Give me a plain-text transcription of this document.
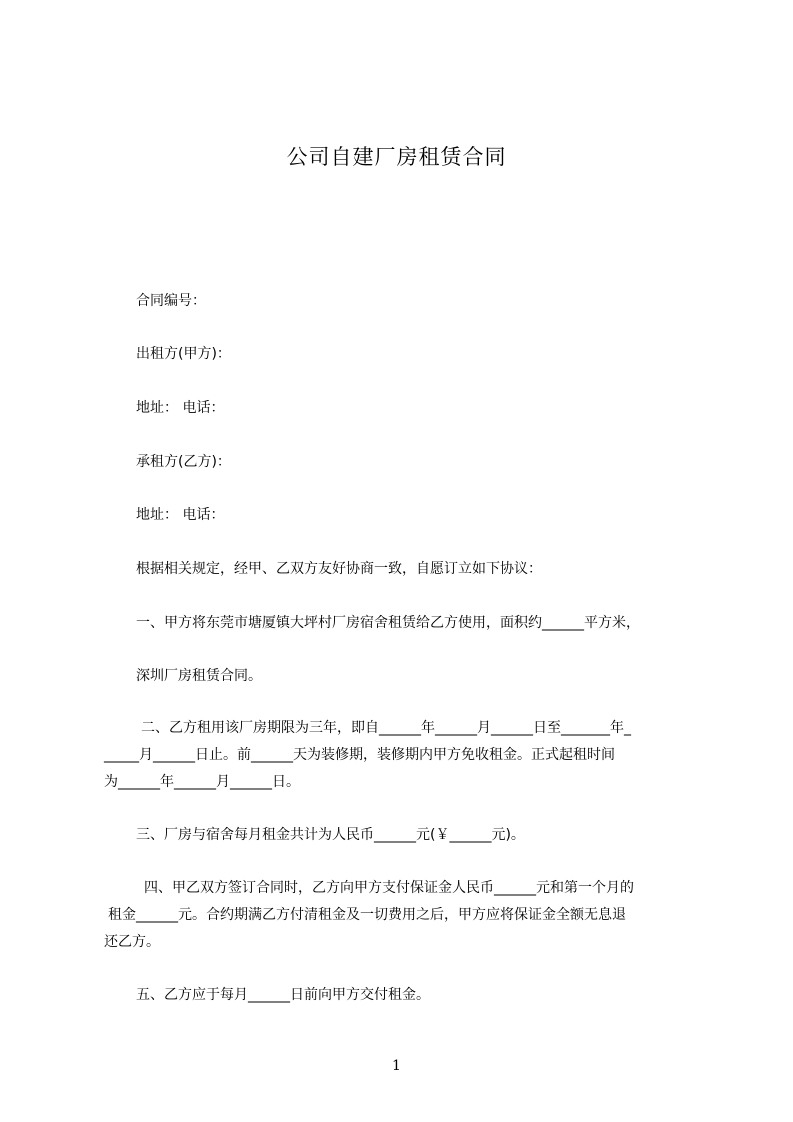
公司自建厂房租赁合同
合同编号：
出租方(甲方)：
地址： 电话：
承租方(乙方)：
地址： 电话：
根据相关规定，经甲、乙双方友好协商一致，自愿订立如下协议：
一、甲方将东莞市塘厦镇大坪村厂房宿舍租赁给乙方使用，面积约______平方米，
深圳厂房租赁合同。
二、乙方租用该厂房期限为三年，即自______年______月______日至_______年_
_____月______日止。前______天为装修期，装修期内甲方免收租金。正式起租时间
为______年______月______日。
三、厂房与宿舍每月租金共计为人民币______元(￥______元)。
四、甲乙双方签订合同时，乙方向甲方支付保证金人民币______元和第一个月的
租金______元。合约期满乙方付清租金及一切费用之后，甲方应将保证金全额无息退
还乙方。
五、乙方应于每月______日前向甲方交付租金。
1
